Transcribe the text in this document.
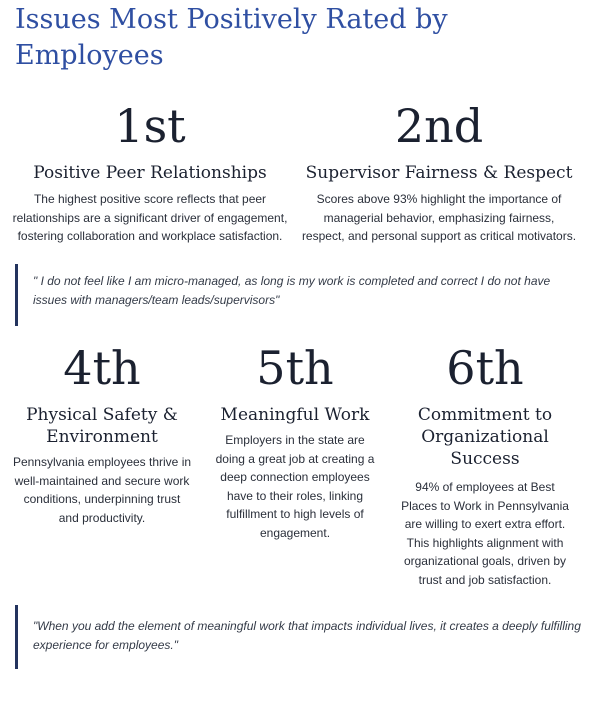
Issues Most Positively Rated by Employees
1st
Positive Peer Relationships
The highest positive score reflects that peer relationships are a significant driver of engagement, fostering collaboration and workplace satisfaction.
2nd
Supervisor Fairness & Respect
Scores above 93% highlight the importance of managerial behavior, emphasizing fairness, respect, and personal support as critical motivators.
" I do not feel like I am micro-managed, as long is my work is completed and correct I do not have issues with managers/team leads/supervisors"
4th
Physical Safety & Environment
Pennsylvania employees thrive in well-maintained and secure work conditions, underpinning trust and productivity.
5th
Meaningful Work
Employers in the state are doing a great job at creating a deep connection employees have to their roles, linking fulfillment to high levels of engagement.
6th
Commitment to Organizational Success
94% of employees at Best Places to Work in Pennsylvania are willing to exert extra effort. This highlights alignment with organizational goals, driven by trust and job satisfaction.
"When you add the element of meaningful work that impacts individual lives, it creates a deeply fulfilling experience for employees."
